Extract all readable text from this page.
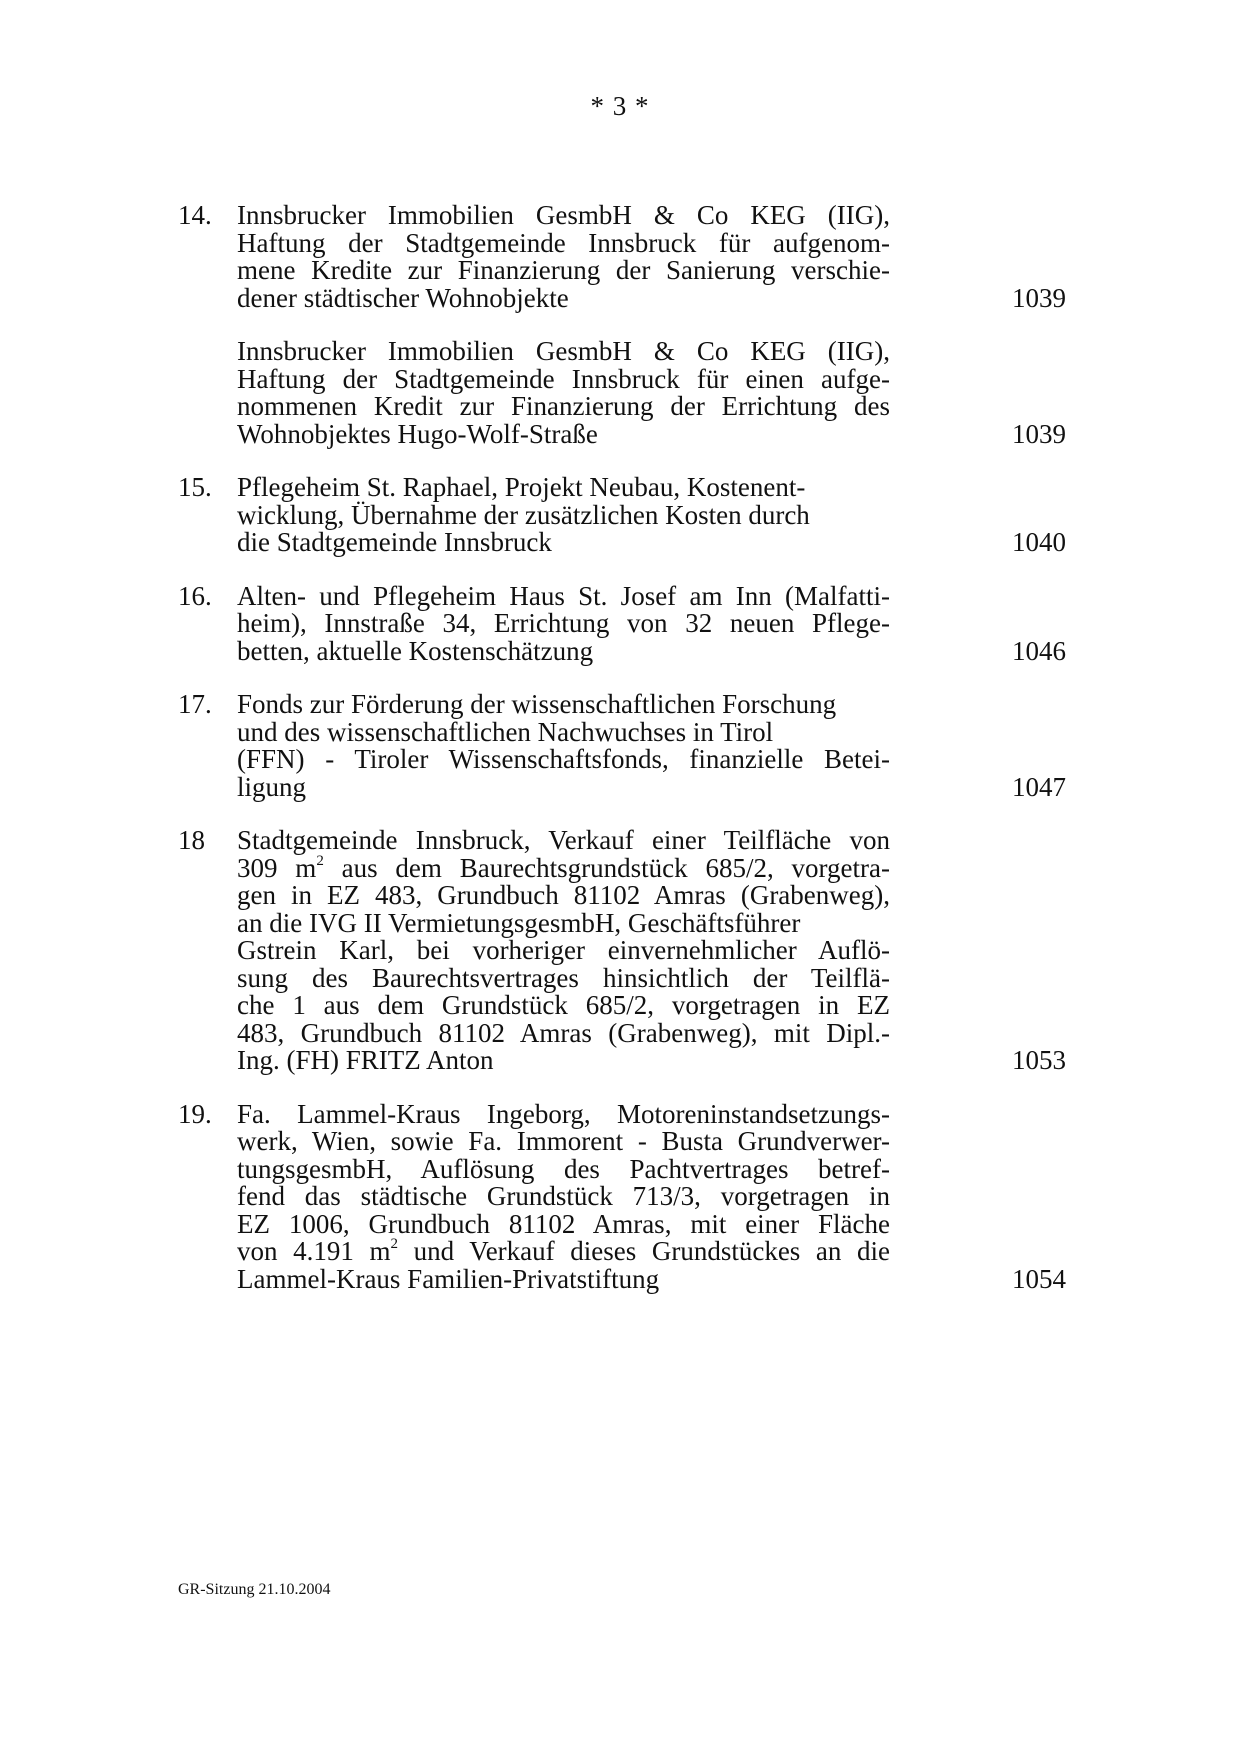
* 3 *
14. Innsbrucker Immobilien GesmbH & Co KEG (IIG),
Haftung der Stadtgemeinde Innsbruck für aufgenom-
mene Kredite zur Finanzierung der Sanierung verschie-
dener städtischer Wohnobjekte	1039
Innsbrucker Immobilien GesmbH & Co KEG (IIG),
Haftung der Stadtgemeinde Innsbruck für einen aufge-
nommenen Kredit zur Finanzierung der Errichtung des
Wohnobjektes Hugo-Wolf-Straße	1039
15. Pflegeheim St. Raphael, Projekt Neubau, Kostenent-
wicklung, Übernahme der zusätzlichen Kosten durch
die Stadtgemeinde Innsbruck	1040
16. Alten- und Pflegeheim Haus St. Josef am Inn (Malfatti-
heim), Innstraße 34, Errichtung von 32 neuen Pflege-
betten, aktuelle Kostenschätzung	1046
17. Fonds zur Förderung der wissenschaftlichen Forschung
und des wissenschaftlichen Nachwuchses in Tirol
(FFN) - Tiroler Wissenschaftsfonds, finanzielle Betei-
ligung	1047
18 Stadtgemeinde Innsbruck, Verkauf einer Teilfläche von
309 $m^2$ aus dem Baurechtsgrundstück 685/2, vorgetra-
gen in EZ 483, Grundbuch 81102 Amras (Grabenweg),
an die IVG II VermietungsgesmbH, Geschäftsführer
Gstrein Karl, bei vorheriger einvernehmlicher Auflö-
sung des Baurechtsvertrages hinsichtlich der Teilflä-
che 1 aus dem Grundstück 685/2, vorgetragen in EZ
483, Grundbuch 81102 Amras (Grabenweg), mit Dipl.-
Ing. (FH) FRITZ Anton	1053
19. Fa. Lammel-Kraus Ingeborg, Motoreninstandsetzungs-
werk, Wien, sowie Fa. Immorent - Busta Grundverwer-
tungsgesmbH, Auflösung des Pachtvertrages betref-
fend das städtische Grundstück 713/3, vorgetragen in
EZ 1006, Grundbuch 81102 Amras, mit einer Fläche
von 4.191 $m^2$ und Verkauf dieses Grundstückes an die
Lammel-Kraus Familien-Privatstiftung	1054
GR-Sitzung 21.10.2004
